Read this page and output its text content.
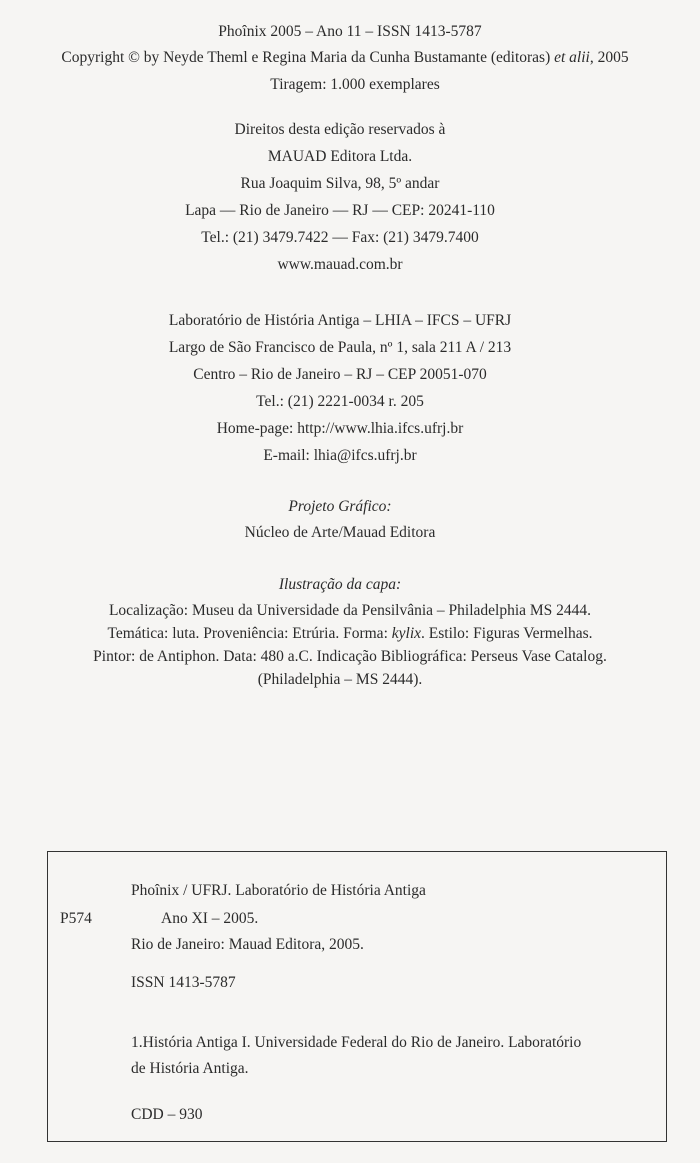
Phoînix 2005 – Ano 11 – ISSN 1413-5787
Copyright © by Neyde Theml e Regina Maria da Cunha Bustamante (editoras) et alii, 2005
Tiragem: 1.000 exemplares
Direitos desta edição reservados à
MAUAD Editora Ltda.
Rua Joaquim Silva, 98, 5º andar
Lapa — Rio de Janeiro — RJ — CEP: 20241-110
Tel.: (21) 3479.7422 — Fax: (21) 3479.7400
www.mauad.com.br
Laboratório de História Antiga – LHIA – IFCS – UFRJ
Largo de São Francisco de Paula, nº 1, sala 211 A / 213
Centro – Rio de Janeiro – RJ – CEP 20051-070
Tel.: (21) 2221-0034 r. 205
Home-page: http://www.lhia.ifcs.ufrj.br
E-mail: lhia@ifcs.ufrj.br
Projeto Gráfico:
Núcleo de Arte/Mauad Editora
Ilustração da capa:
Localização: Museu da Universidade da Pensilvânia – Philadelphia MS 2444.
Temática: luta. Proveniência: Etrúria. Forma: kylix. Estilo: Figuras Vermelhas.
Pintor: de Antiphon. Data: 480 a.C. Indicação Bibliográfica: Perseus Vase Catalog.
(Philadelphia – MS 2444).
P574
Phoînix / UFRJ. Laboratório de História Antiga
Ano XI – 2005.
Rio de Janeiro: Mauad Editora, 2005.
ISSN 1413-5787
1.História Antiga I. Universidade Federal do Rio de Janeiro. Laboratório
de História Antiga.
CDD – 930
